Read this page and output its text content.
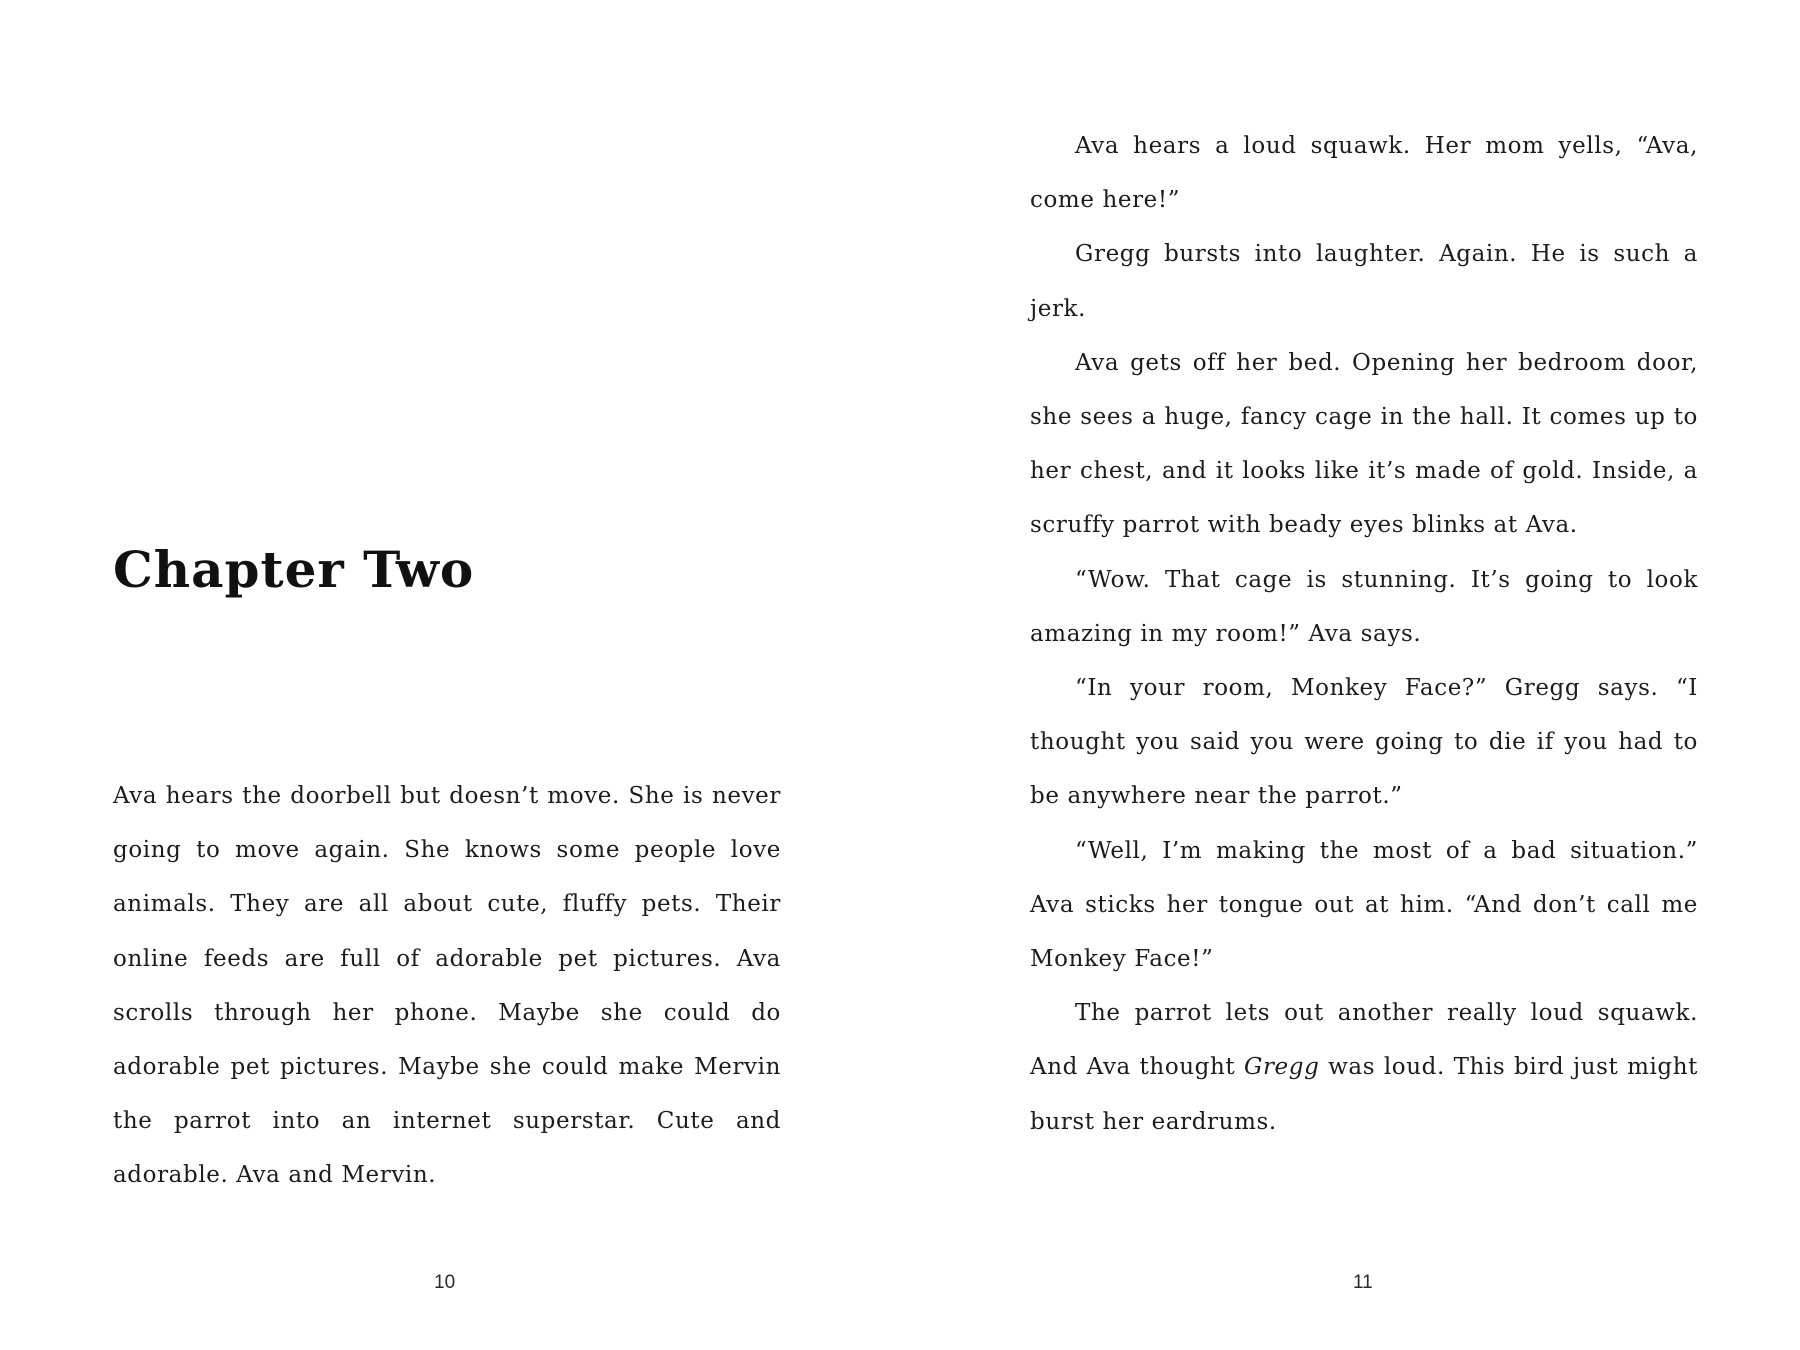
Chapter Two

Ava hears the doorbell but doesn’t move. She is never going to move again. She knows some people love animals. They are all about cute, fluffy pets. Their online feeds are full of adorable pet pictures. Ava scrolls through her phone. Maybe she could do adorable pet pictures. Maybe she could make Mervin the parrot into an internet superstar. Cute and adorable. Ava and Mervin.

10

Ava hears a loud squawk. Her mom yells, “Ava, come here!”

Gregg bursts into laughter. Again. He is such a jerk.

Ava gets off her bed. Opening her bedroom door, she sees a huge, fancy cage in the hall. It comes up to her chest, and it looks like it’s made of gold. Inside, a scruffy parrot with beady eyes blinks at Ava.

“Wow. That cage is stunning. It’s going to look amazing in my room!” Ava says.

“In your room, Monkey Face?” Gregg says. “I thought you said you were going to die if you had to be anywhere near the parrot.”

“Well, I’m making the most of a bad situation.” Ava sticks her tongue out at him. “And don’t call me Monkey Face!”

The parrot lets out another really loud squawk. And Ava thought Gregg was loud. This bird just might burst her eardrums.

11
